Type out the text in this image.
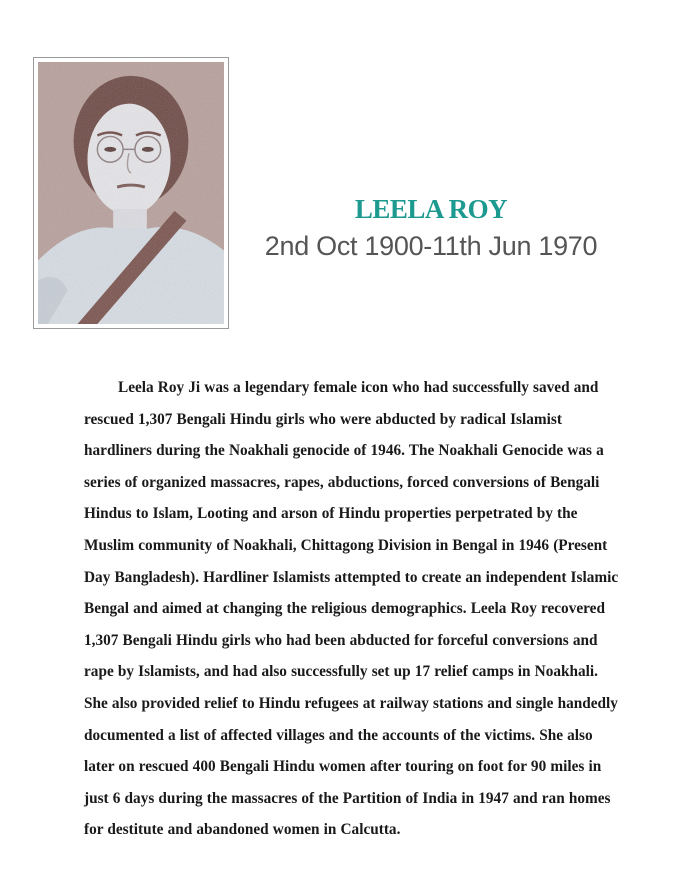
LEELA ROY
2nd Oct 1900-11th Jun 1970

Leela Roy Ji was a legendary female icon who had successfully saved and rescued 1,307 Bengali Hindu girls who were abducted by radical Islamist hardliners during the Noakhali genocide of 1946. The Noakhali Genocide was a series of organized massacres, rapes, abductions, forced conversions of Bengali Hindus to Islam, Looting and arson of Hindu properties perpetrated by the Muslim community of Noakhali, Chittagong Division in Bengal in 1946 (Present Day Bangladesh). Hardliner Islamists attempted to create an independent Islamic Bengal and aimed at changing the religious demographics. Leela Roy recovered 1,307 Bengali Hindu girls who had been abducted for forceful conversions and rape by Islamists, and had also successfully set up 17 relief camps in Noakhali. She also provided relief to Hindu refugees at railway stations and single handedly documented a list of affected villages and the accounts of the victims. She also later on rescued 400 Bengali Hindu women after touring on foot for 90 miles in just 6 days during the massacres of the Partition of India in 1947 and ran homes for destitute and abandoned women in Calcutta.
